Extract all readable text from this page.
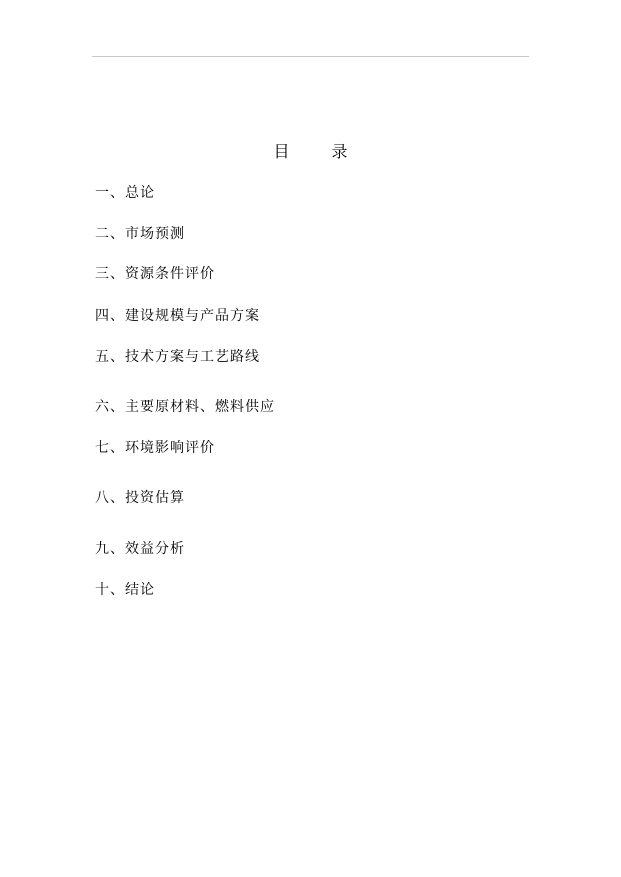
目	录
一、总论
二、市场预测
三、资源条件评价
四、建设规模与产品方案
五、技术方案与工艺路线
六、主要原材料、燃料供应
七、环境影响评价
八、投资估算
九、效益分析
十、结论
